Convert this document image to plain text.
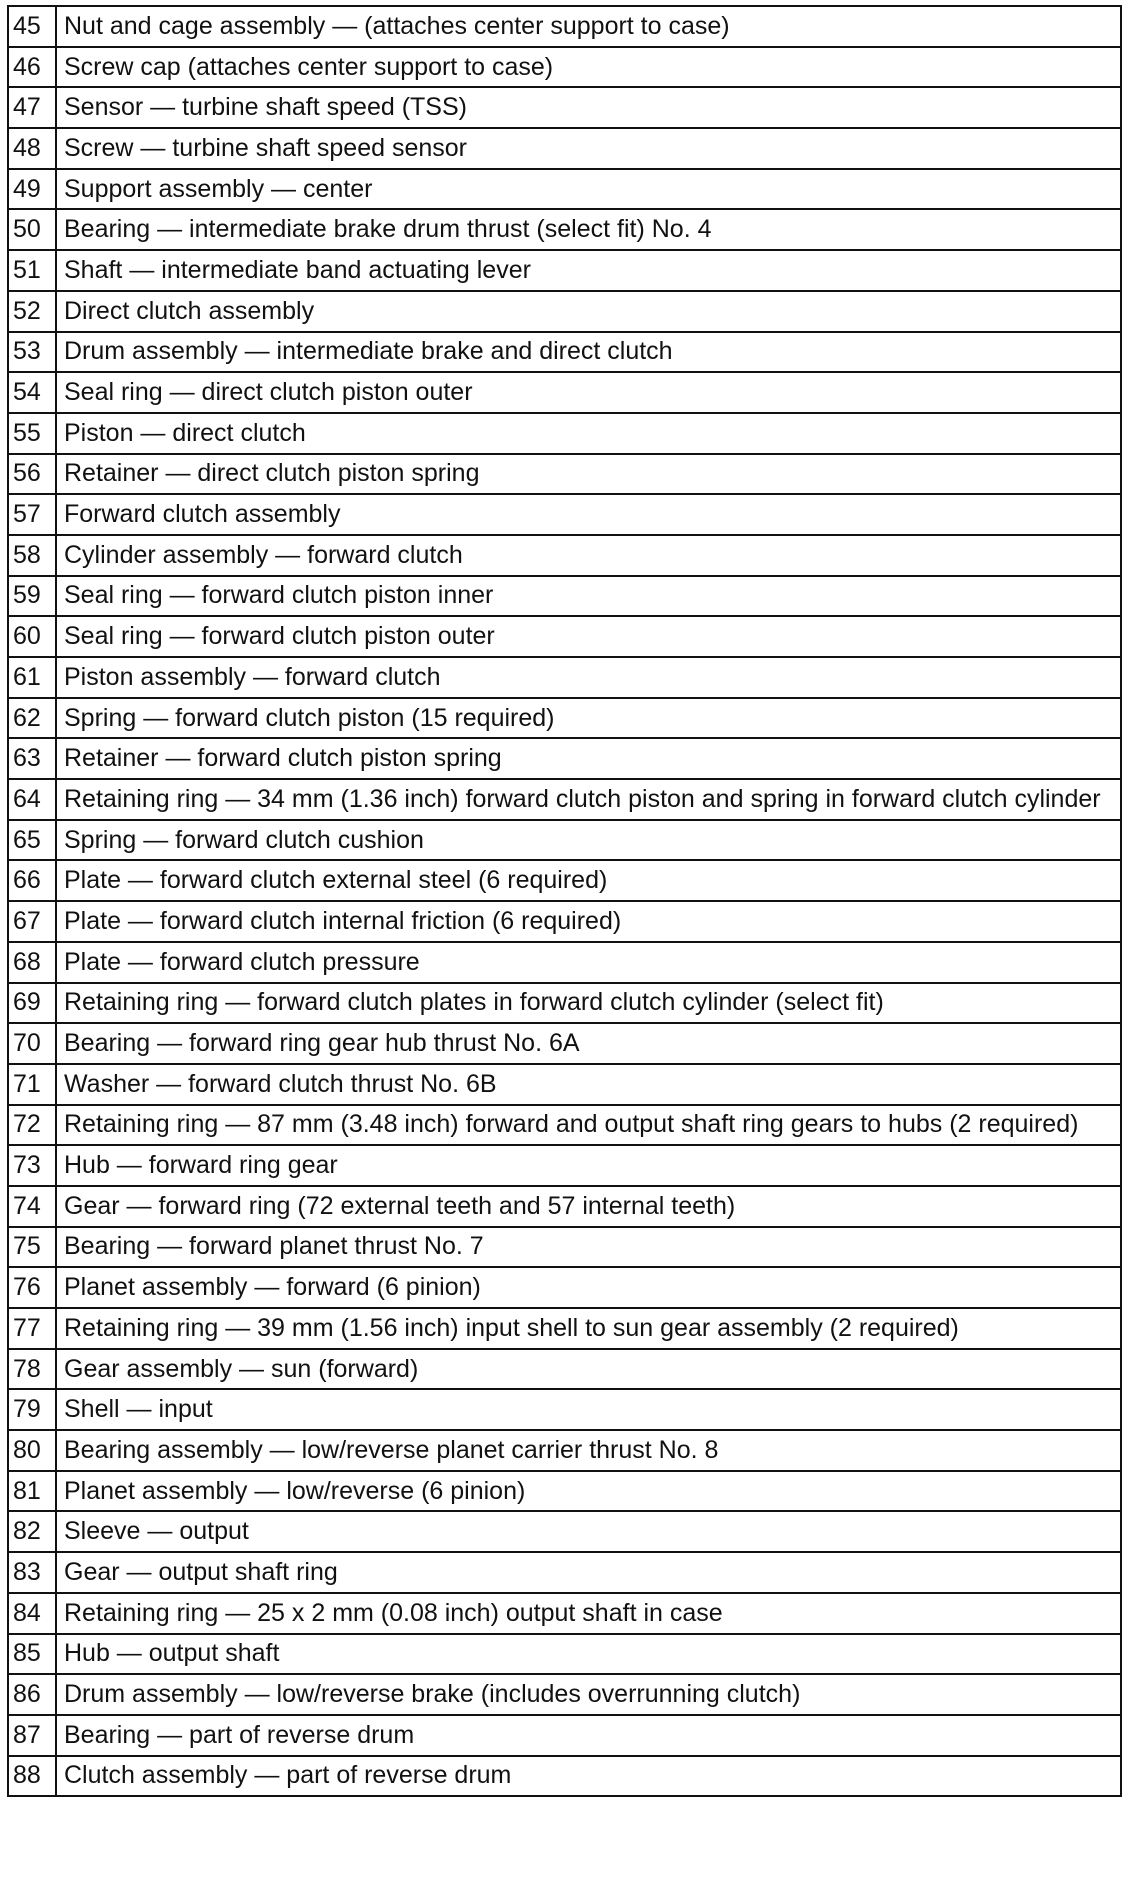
45	Nut and cage assembly — (attaches center support to case)
46	Screw cap (attaches center support to case)
47	Sensor — turbine shaft speed (TSS)
48	Screw — turbine shaft speed sensor
49	Support assembly — center
50	Bearing — intermediate brake drum thrust (select fit) No. 4
51	Shaft — intermediate band actuating lever
52	Direct clutch assembly
53	Drum assembly — intermediate brake and direct clutch
54	Seal ring — direct clutch piston outer
55	Piston — direct clutch
56	Retainer — direct clutch piston spring
57	Forward clutch assembly
58	Cylinder assembly — forward clutch
59	Seal ring — forward clutch piston inner
60	Seal ring — forward clutch piston outer
61	Piston assembly — forward clutch
62	Spring — forward clutch piston (15 required)
63	Retainer — forward clutch piston spring
64	Retaining ring — 34 mm (1.36 inch) forward clutch piston and spring in forward clutch cylinder
65	Spring — forward clutch cushion
66	Plate — forward clutch external steel (6 required)
67	Plate — forward clutch internal friction (6 required)
68	Plate — forward clutch pressure
69	Retaining ring — forward clutch plates in forward clutch cylinder (select fit)
70	Bearing — forward ring gear hub thrust No. 6A
71	Washer — forward clutch thrust No. 6B
72	Retaining ring — 87 mm (3.48 inch) forward and output shaft ring gears to hubs (2 required)
73	Hub — forward ring gear
74	Gear — forward ring (72 external teeth and 57 internal teeth)
75	Bearing — forward planet thrust No. 7
76	Planet assembly — forward (6 pinion)
77	Retaining ring — 39 mm (1.56 inch) input shell to sun gear assembly (2 required)
78	Gear assembly — sun (forward)
79	Shell — input
80	Bearing assembly — low/reverse planet carrier thrust No. 8
81	Planet assembly — low/reverse (6 pinion)
82	Sleeve — output
83	Gear — output shaft ring
84	Retaining ring — 25 x 2 mm (0.08 inch) output shaft in case
85	Hub — output shaft
86	Drum assembly — low/reverse brake (includes overrunning clutch)
87	Bearing — part of reverse drum
88	Clutch assembly — part of reverse drum
